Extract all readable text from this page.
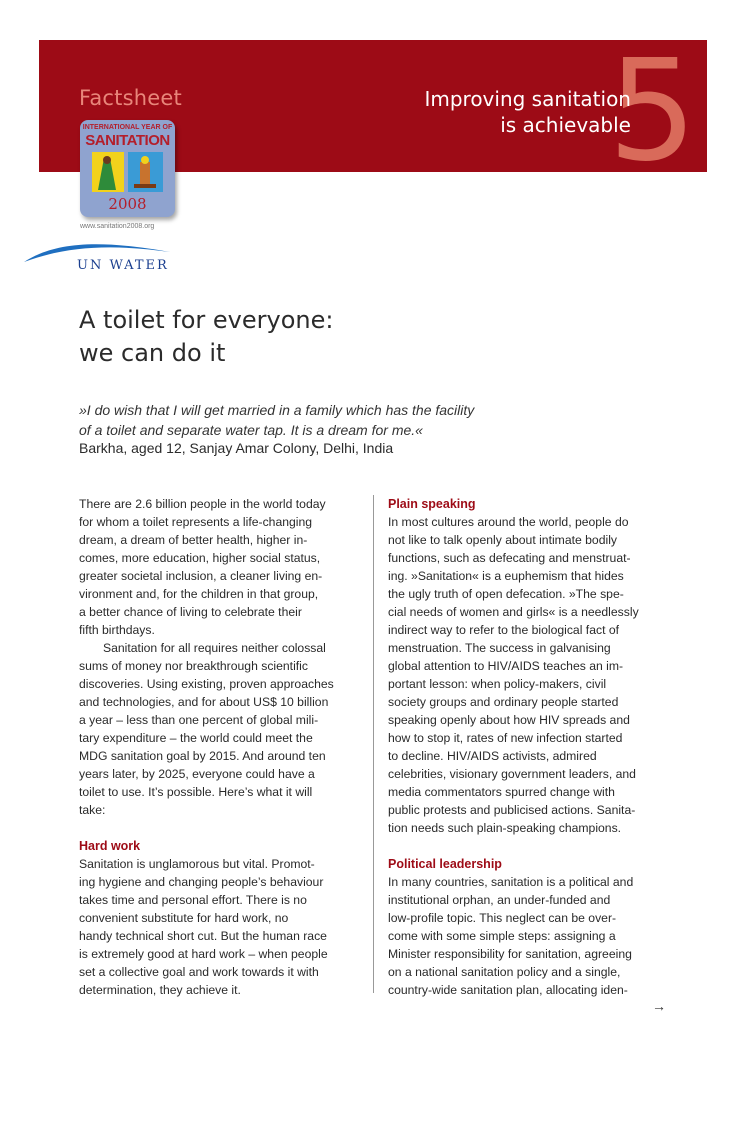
Factsheet	5
Improving sanitation
is achievable
INTERNATIONAL YEAR OF
SANITATION
2008
www.sanitation2008.org
UN WATER
A toilet for everyone:
we can do it
»I do wish that I will get married in a family which has the facility
of a toilet and separate water tap. It is a dream for me.«
Barkha, aged 12, Sanjay Amar Colony, Delhi, India

There are 2.6 billion people in the world today
for whom a toilet represents a life-changing
dream, a dream of better health, higher in-
comes, more education, higher social status,
greater societal inclusion, a cleaner living en-
vironment and, for the children in that group,
a better chance of living to celebrate their
fifth birthdays.

Sanitation for all requires neither colossal
sums of money nor breakthrough scientific
discoveries. Using existing, proven approaches
and technologies, and for about US$ 10 billion
a year – less than one percent of global mili-
tary expenditure – the world could meet the
MDG sanitation goal by 2015. And around ten
years later, by 2025, everyone could have a
toilet to use. It’s possible. Here’s what it will
take:

Hard work

Sanitation is unglamorous but vital. Promot-
ing hygiene and changing people’s behaviour
takes time and personal effort. There is no
convenient substitute for hard work, no
handy technical short cut. But the human race
is extremely good at hard work – when people
set a collective goal and work towards it with
determination, they achieve it.

Plain speaking

In most cultures around the world, people do
not like to talk openly about intimate bodily
functions, such as defecating and menstruat-
ing. »Sanitation« is a euphemism that hides
the ugly truth of open defecation. »The spe-
cial needs of women and girls« is a needlessly
indirect way to refer to the biological fact of
menstruation. The success in galvanising
global attention to HIV/AIDS teaches an im-
portant lesson: when policy-makers, civil
society groups and ordinary people started
speaking openly about how HIV spreads and
how to stop it, rates of new infection started
to decline. HIV/AIDS activists, admired
celebrities, visionary government leaders, and
media commentators spurred change with
public protests and publicised actions. Sanita-
tion needs such plain-speaking champions.

Political leadership

In many countries, sanitation is a political and
institutional orphan, an under-funded and
low-profile topic. This neglect can be over-
come with some simple steps: assigning a
Minister responsibility for sanitation, agreeing
on a national sanitation policy and a single,
country-wide sanitation plan, allocating iden-

→
